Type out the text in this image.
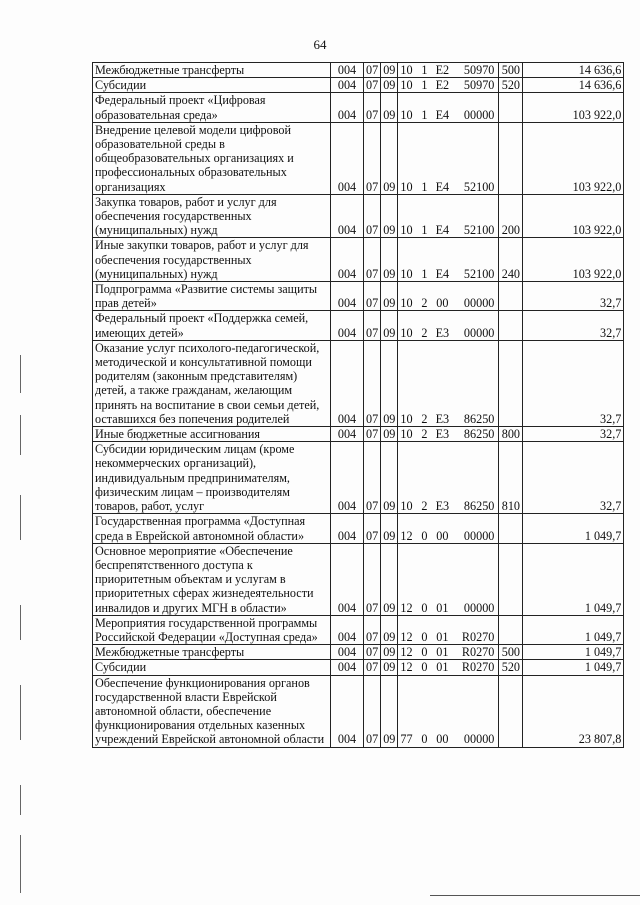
64
Межбюджетные трансферты	004	07	09	10 1 E2 50970	500	14 636,6
Субсидии	004	07	09	10 1 E2 50970	520	14 636,6
Федеральный проект «Цифровая образовательная среда»	004	07	09	10 1 E4 00000		103 922,0
Внедрение целевой модели цифровой образовательной среды в общеобразовательных организациях и профессиональных образовательных организациях	004	07	09	10 1 E4 52100		103 922,0
Закупка товаров, работ и услуг для обеспечения государственных (муниципальных) нужд	004	07	09	10 1 E4 52100	200	103 922,0
Иные закупки товаров, работ и услуг для обеспечения государственных (муниципальных) нужд	004	07	09	10 1 E4 52100	240	103 922,0
Подпрограмма «Развитие системы защиты прав детей»	004	07	09	10 2 00 00000		32,7
Федеральный проект «Поддержка семей, имеющих детей»	004	07	09	10 2 E3 00000		32,7
Оказание услуг психолого-педагогической, методической и консультативной помощи родителям (законным представителям) детей, а также гражданам, желающим принять на воспитание в свои семьи детей, оставшихся без попечения родителей	004	07	09	10 2 E3 86250		32,7
Иные бюджетные ассигнования	004	07	09	10 2 E3 86250	800	32,7
Субсидии юридическим лицам (кроме некоммерческих организаций), индивидуальным предпринимателям, физическим лицам – производителям товаров, работ, услуг	004	07	09	10 2 E3 86250	810	32,7
Государственная программа «Доступная среда в Еврейской автономной области»	004	07	09	12 0 00 00000		1 049,7
Основное мероприятие «Обеспечение беспрепятственного доступа к приоритетным объектам и услугам в приоритетных сферах жизнедеятельности инвалидов и других МГН в области»	004	07	09	12 0 01 00000		1 049,7
Мероприятия государственной программы Российской Федерации «Доступная среда»	004	07	09	12 0 01 R0270		1 049,7
Межбюджетные трансферты	004	07	09	12 0 01 R0270	500	1 049,7
Субсидии	004	07	09	12 0 01 R0270	520	1 049,7
Обеспечение функционирования органов государственной власти Еврейской автономной области, обеспечение функционирования отдельных казенных учреждений Еврейской автономной области	004	07	09	77 0 00 00000		23 807,8
